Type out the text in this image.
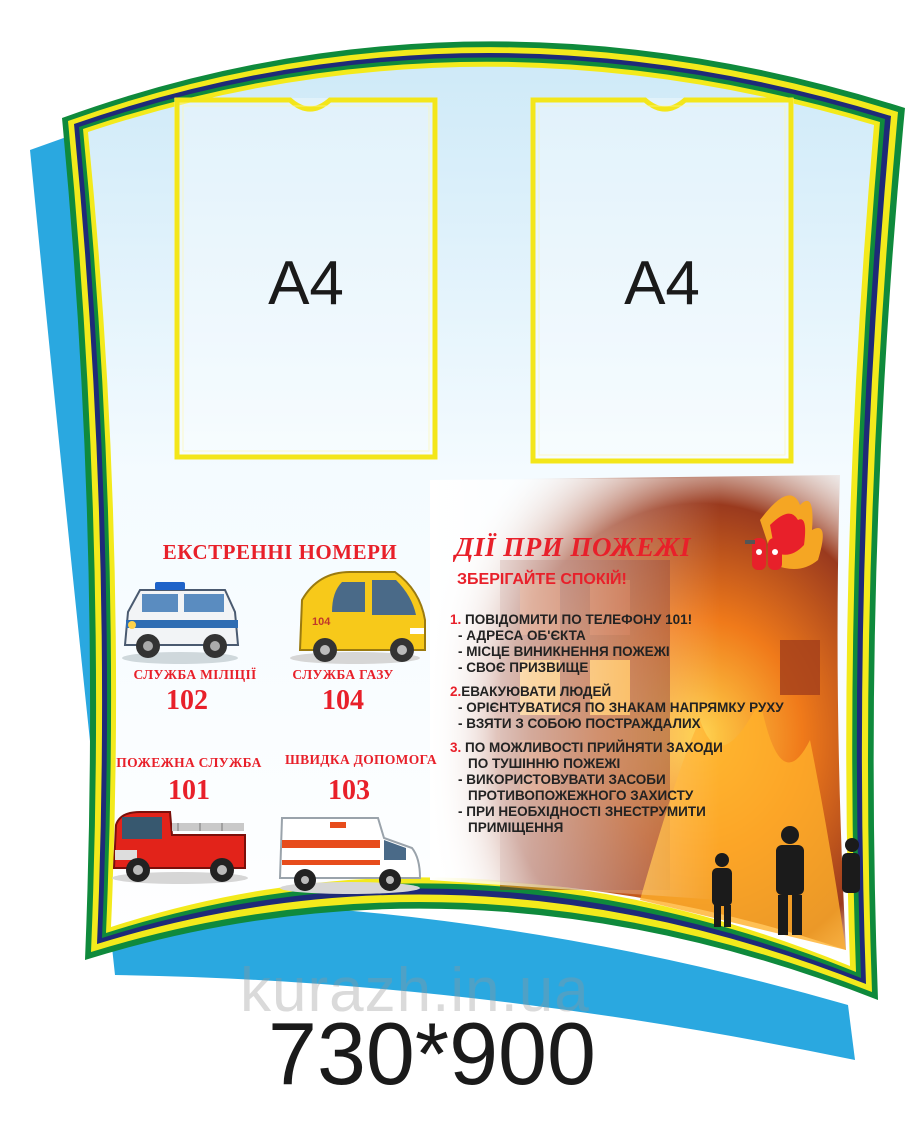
104
A4	A4
ЕКСТРЕННІ НОМЕРИ
СЛУЖБА МІЛІЦІЇ
102
СЛУЖБА ГАЗУ
104
ПОЖЕЖНА СЛУЖБА
101
ШВИДКА ДОПОМОГА
103
ДІЇ ПРИ ПОЖЕЖІ
ЗБЕРІГАЙТЕ СПОКІЙ!

1. ПОВІДОМИТИ ПО ТЕЛЕФОНУ 101!

- АДРЕСА ОБ'ЄКТА

- МІСЦЕ ВИНИКНЕННЯ ПОЖЕЖІ

- СВОЄ ПРИЗВИЩЕ

2.ЕВАКУЮВАТИ ЛЮДЕЙ

- ОРІЄНТУВАТИСЯ ПО ЗНАКАМ НАПРЯМКУ РУХУ

- ВЗЯТИ З СОБОЮ ПОСТРАЖДАЛИХ

3. ПО МОЖЛИВОСТІ ПРИЙНЯТИ ЗАХОДИ

ПО ТУШІННЮ ПОЖЕЖІ

- ВИКОРИСТОВУВАТИ ЗАСОБИ

ПРОТИВОПОЖЕЖНОГО ЗАХИСТУ

- ПРИ НЕОБХІДНОСТІ ЗНЕСТРУМИТИ

ПРИМІЩЕННЯ

kurazh.in.ua
730*900
